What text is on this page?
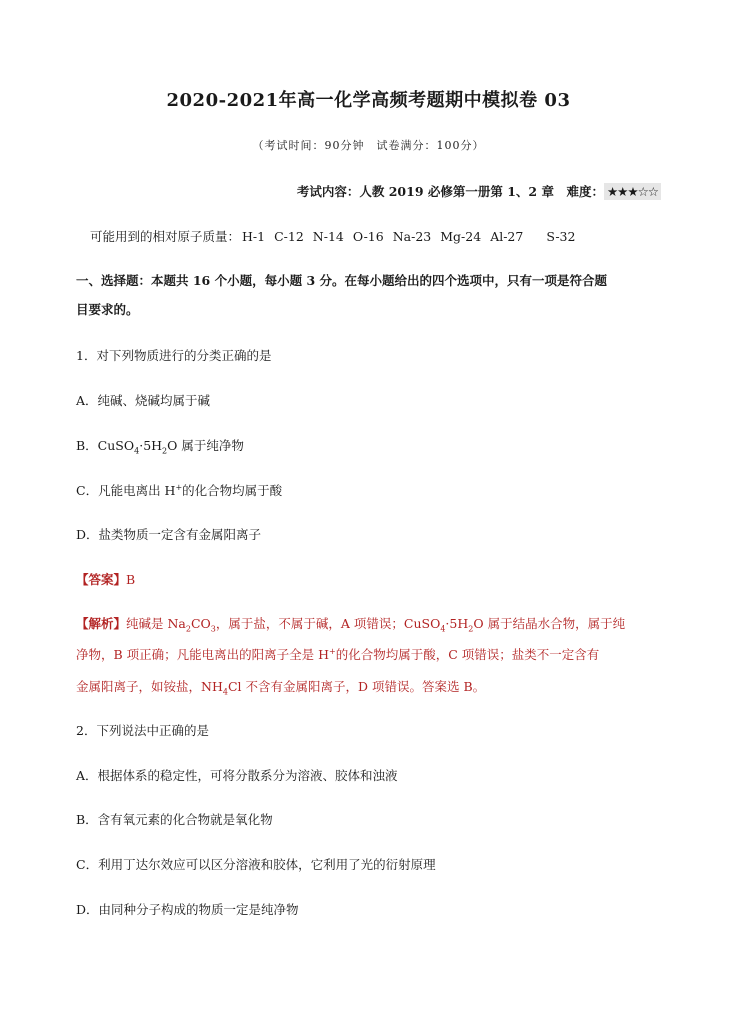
2020-2021年高一化学高频考题期中模拟卷 03
（考试时间：90分钟　试卷满分：100分）
考试内容：人教 2019 必修第一册第 1、2 章　难度： ★★★☆☆
可能用到的相对原子质量： H-1 C-12 N-14 O-16 Na-23 Mg-24 Al-27 S-32
一、选择题：本题共 16 个小题，每小题 3 分。在每小题给出的四个选项中，只有一项是符合题
目要求的。
1．对下列物质进行的分类正确的是
A．纯碱、烧碱均属于碱
B．$CuSO_4\cdot 5H_2O$ 属于纯净物
C．凡能电离出 H+的化合物均属于酸
D．盐类物质一定含有金属阳离子
【答案】B
【解析】纯碱是 $Na_2CO_3$，属于盐，不属于碱，A 项错误；$CuSO_4\cdot 5H_2O$ 属于结晶水合物，属于纯
净物，B 项正确；凡能电离出的阳离子全是 H+的化合物均属于酸，C 项错误；盐类不一定含有
金属阳离子，如铵盐，$NH_4Cl$ 不含有金属阳离子，D 项错误。答案选 B。
2．下列说法中正确的是
A．根据体系的稳定性，可将分散系分为溶液、胶体和浊液
B．含有氧元素的化合物就是氧化物
C．利用丁达尔效应可以区分溶液和胶体，它利用了光的衍射原理
D．由同种分子构成的物质一定是纯净物
